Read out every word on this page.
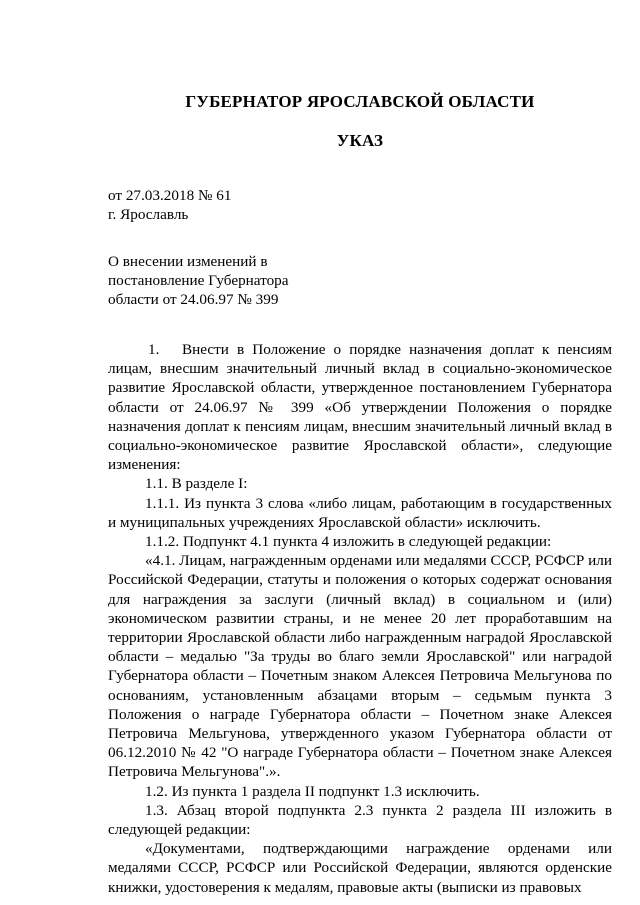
ГУБЕРНАТОР ЯРОСЛАВСКОЙ ОБЛАСТИ
УКАЗ
от 27.03.2018 № 61
г. Ярославль
О внесении изменений в
постановление Губернатора
области от 24.06.97 № 399

1. Внести в Положение о порядке назначения доплат к пенсиям лицам, внесшим значительный личный вклад в социально-экономическое развитие Ярославской области, утвержденное постановлением Губернатора области от 24.06.97 № 399 «Об утверждении Положения о порядке назначения доплат к пенсиям лицам, внесшим значительный личный вклад в социально-экономическое развитие Ярославской области», следующие изменения:

1.1. В разделе I:

1.1.1. Из пункта 3 слова «либо лицам, работающим в государственных и муниципальных учреждениях Ярославской области» исключить.

1.1.2. Подпункт 4.1 пункта 4 изложить в следующей редакции:

«4.1. Лицам, награжденным орденами или медалями СССР, РСФСР или Российской Федерации, статуты и положения о которых содержат основания для награждения за заслуги (личный вклад) в социальном и (или) экономическом развитии страны, и не менее 20 лет проработавшим на территории Ярославской области либо награжденным наградой Ярославской области – медалью "За труды во благо земли Ярославской" или наградой Губернатора области – Почетным знаком Алексея Петровича Мельгунова по основаниям, установленным абзацами вторым – седьмым пункта 3 Положения о награде Губернатора области – Почетном знаке Алексея Петровича Мельгунова, утвержденного указом Губернатора области от 06.12.2010 № 42 "О награде Губернатора области – Почетном знаке Алексея Петровича Мельгунова".».

1.2. Из пункта 1 раздела II подпункт 1.3 исключить.

1.3. Абзац второй подпункта 2.3 пункта 2 раздела III изложить в следующей редакции:

«Документами, подтверждающими награждение орденами или медалями СССР, РСФСР или Российской Федерации, являются орденские книжки, удостоверения к медалям, правовые акты (выписки из правовых
